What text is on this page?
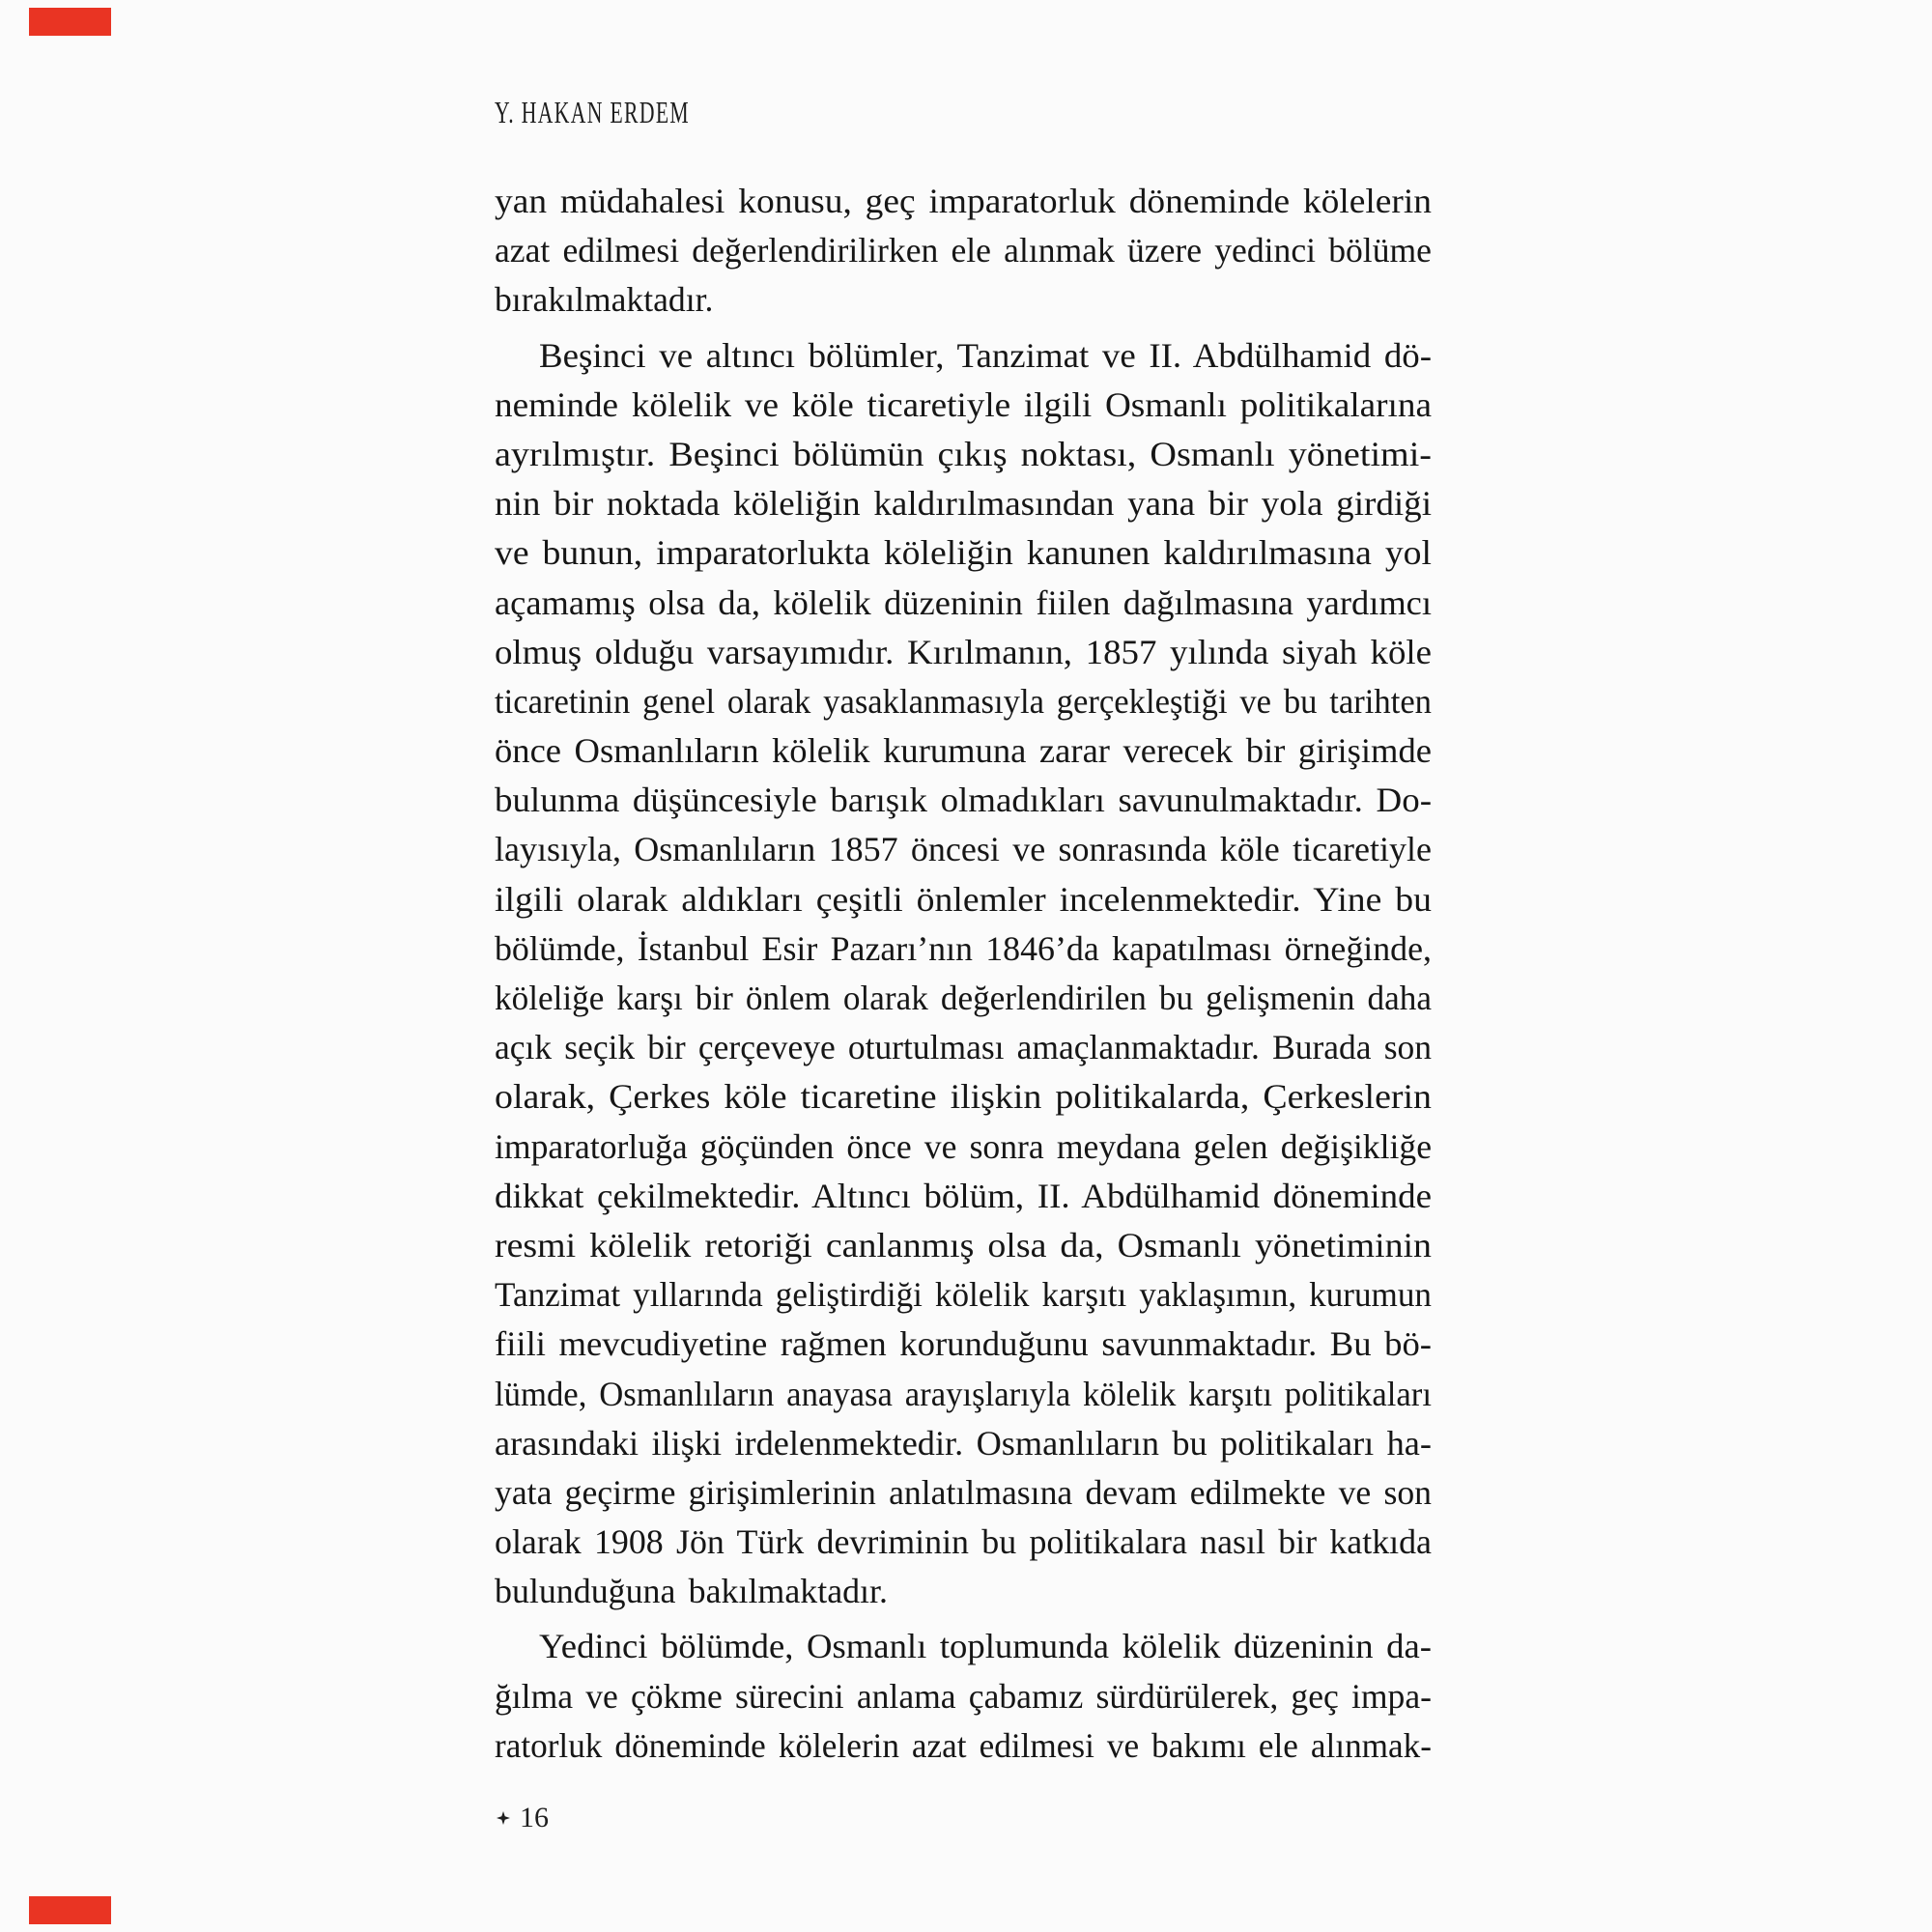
Y. HAKAN ERDEM
yan müdahalesi konusu, geç imparatorluk döneminde kölelerin
azat edilmesi değerlendirilirken ele alınmak üzere yedinci bölüme
bırakılmaktadır.
Beşinci ve altıncı bölümler, Tanzimat ve II. Abdülhamid dö-
neminde kölelik ve köle ticaretiyle ilgili Osmanlı politikalarına
ayrılmıştır. Beşinci bölümün çıkış noktası, Osmanlı yönetimi-
nin bir noktada köleliğin kaldırılmasından yana bir yola girdiği
ve bunun, imparatorlukta köleliğin kanunen kaldırılmasına yol
açamamış olsa da, kölelik düzeninin fiilen dağılmasına yardımcı
olmuş olduğu varsayımıdır. Kırılmanın, 1857 yılında siyah köle
ticaretinin genel olarak yasaklanmasıyla gerçekleştiği ve bu tarihten
önce Osmanlıların kölelik kurumuna zarar verecek bir girişimde
bulunma düşüncesiyle barışık olmadıkları savunulmaktadır. Do-
layısıyla, Osmanlıların 1857 öncesi ve sonrasında köle ticaretiyle
ilgili olarak aldıkları çeşitli önlemler incelenmektedir. Yine bu
bölümde, İstanbul Esir Pazarı’nın 1846’da kapatılması örneğinde,
köleliğe karşı bir önlem olarak değerlendirilen bu gelişmenin daha
açık seçik bir çerçeveye oturtulması amaçlanmaktadır. Burada son
olarak, Çerkes köle ticaretine ilişkin politikalarda, Çerkeslerin
imparatorluğa göçünden önce ve sonra meydana gelen değişikliğe
dikkat çekilmektedir. Altıncı bölüm, II. Abdülhamid döneminde
resmi kölelik retoriği canlanmış olsa da, Osmanlı yönetiminin
Tanzimat yıllarında geliştirdiği kölelik karşıtı yaklaşımın, kurumun
fiili mevcudiyetine rağmen korunduğunu savunmaktadır. Bu bö-
lümde, Osmanlıların anayasa arayışlarıyla kölelik karşıtı politikaları
arasındaki ilişki irdelenmektedir. Osmanlıların bu politikaları ha-
yata geçirme girişimlerinin anlatılmasına devam edilmekte ve son
olarak 1908 Jön Türk devriminin bu politikalara nasıl bir katkıda
bulunduğuna bakılmaktadır.
Yedinci bölümde, Osmanlı toplumunda kölelik düzeninin da-
ğılma ve çökme sürecini anlama çabamız sürdürülerek, geç impa-
ratorluk döneminde kölelerin azat edilmesi ve bakımı ele alınmak-
16
